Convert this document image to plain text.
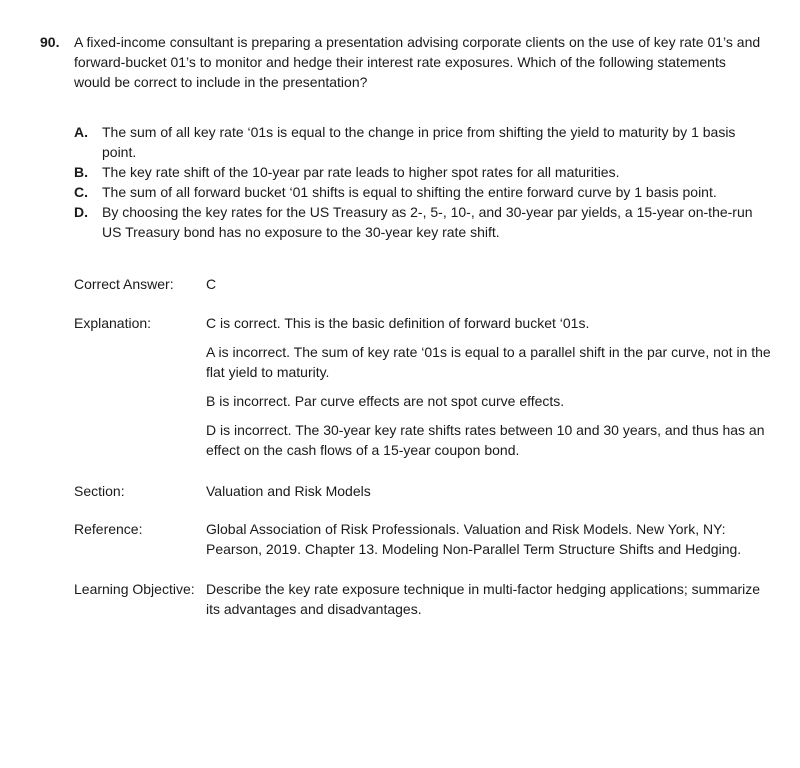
90. A fixed-income consultant is preparing a presentation advising corporate clients on the use of key rate 01’s and forward-bucket 01’s to monitor and hedge their interest rate exposures. Which of the following statements would be correct to include in the presentation?
A.	The sum of all key rate ‘01s is equal to the change in price from shifting the yield to maturity by 1 basis point.
B.	The key rate shift of the 10-year par rate leads to higher spot rates for all maturities.
C.	The sum of all forward bucket ‘01 shifts is equal to shifting the entire forward curve by 1 basis point.
D.	By choosing the key rates for the US Treasury as 2-, 5-, 10-, and 30-year par yields, a 15-year on-the-run US Treasury bond has no exposure to the 30-year key rate shift.
Correct Answer:	C
Explanation:	C is correct. This is the basic definition of forward bucket ‘01s.

A is incorrect. The sum of key rate ‘01s is equal to a parallel shift in the par curve, not in the flat yield to maturity.

B is incorrect. Par curve effects are not spot curve effects.

D is incorrect. The 30-year key rate shifts rates between 10 and 30 years, and thus has an effect on the cash flows of a 15-year coupon bond.

Section:	Valuation and Risk Models
Reference:	Global Association of Risk Professionals. Valuation and Risk Models. New York, NY: Pearson, 2019. Chapter 13. Modeling Non-Parallel Term Structure Shifts and Hedging.
Learning Objective: Describe the key rate exposure technique in multi-factor hedging applications; summarize its advantages and disadvantages.
